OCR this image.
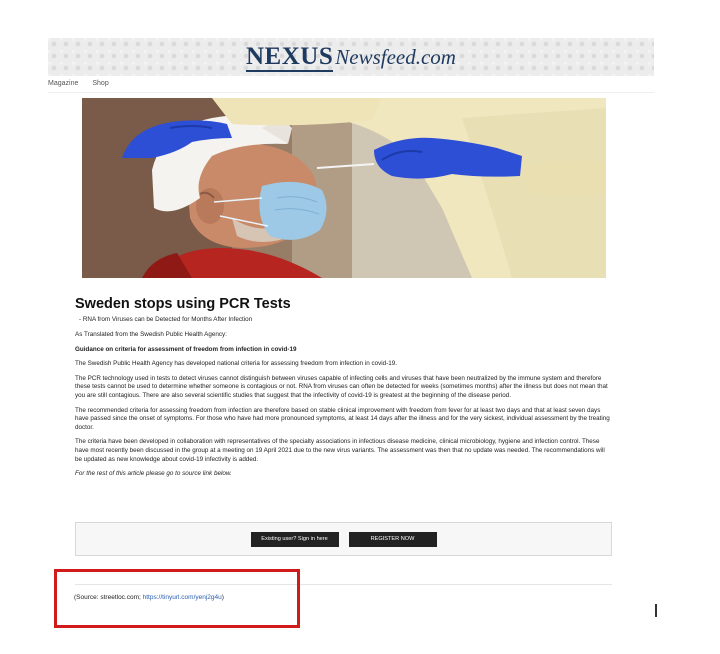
NEXUS Newsfeed.com
Magazine Shop
Sweden stops using PCR Tests
- RNA from Viruses can be Detected for Months After Infection
As Translated from the Swedish Public Health Agency:
Guidance on criteria for assessment of freedom from infection in covid-19
The Swedish Public Health Agency has developed national criteria for assessing freedom from infection in covid-19.
The PCR technology used in tests to detect viruses cannot distinguish between viruses capable of infecting cells and viruses that have been neutralized by the immune system and therefore these tests cannot be used to determine whether someone is contagious or not. RNA from viruses can often be detected for weeks (sometimes months) after the illness but does not mean that you are still contagious. There are also several scientific studies that suggest that the infectivity of covid-19 is greatest at the beginning of the disease period.
The recommended criteria for assessing freedom from infection are therefore based on stable clinical improvement with freedom from fever for at least two days and that at least seven days have passed since the onset of symptoms. For those who have had more pronounced symptoms, at least 14 days after the illness and for the very sickest, individual assessment by the treating doctor.
The criteria have been developed in collaboration with representatives of the specialty associations in infectious disease medicine, clinical microbiology, hygiene and infection control. These have most recently been discussed in the group at a meeting on 19 April 2021 due to the new virus variants. The assessment was then that no update was needed. The recommendations will be updated as new knowledge about covid-19 infectivity is added.
For the rest of this article please go to source link below.
Existing user? Sign in here	REGISTER NOW
(Source: streetloc.com; https://tinyurl.com/yenj2g4u)
